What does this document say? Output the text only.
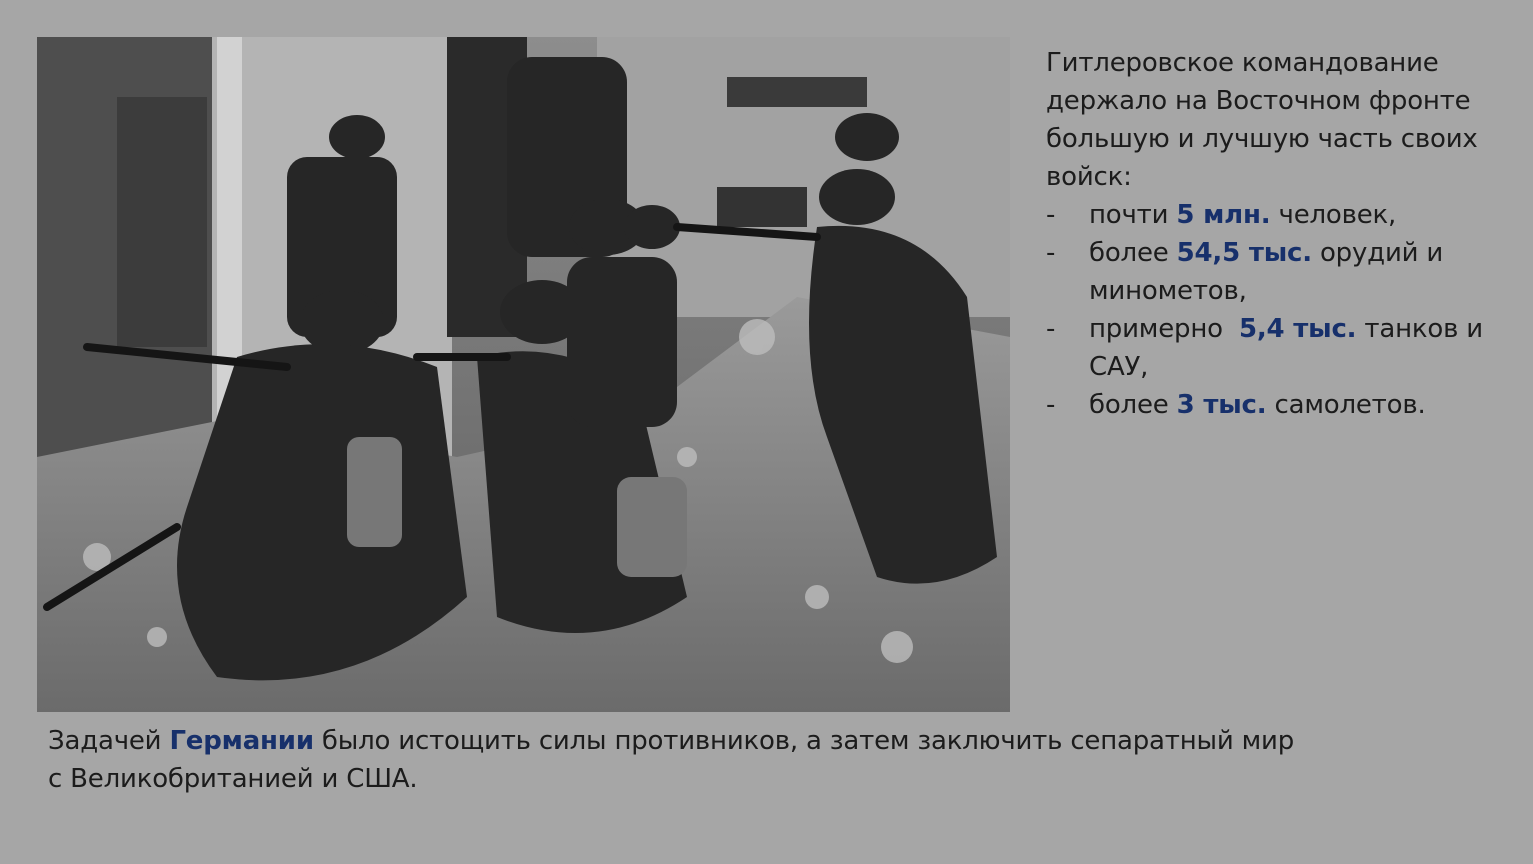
Гитлеровское командование держало на Восточном фронте большую и лучшую часть своих войск:

- почти 5 млн. человек,
- более 54,5 тыс. орудий и минометов,
- примерно  5,4 тыс. танков и САУ,
- более 3 тыс. самолетов.

Задачей Германии было истощить силы противников, а затем заключить сепаратный мир

с Великобританией и США.
